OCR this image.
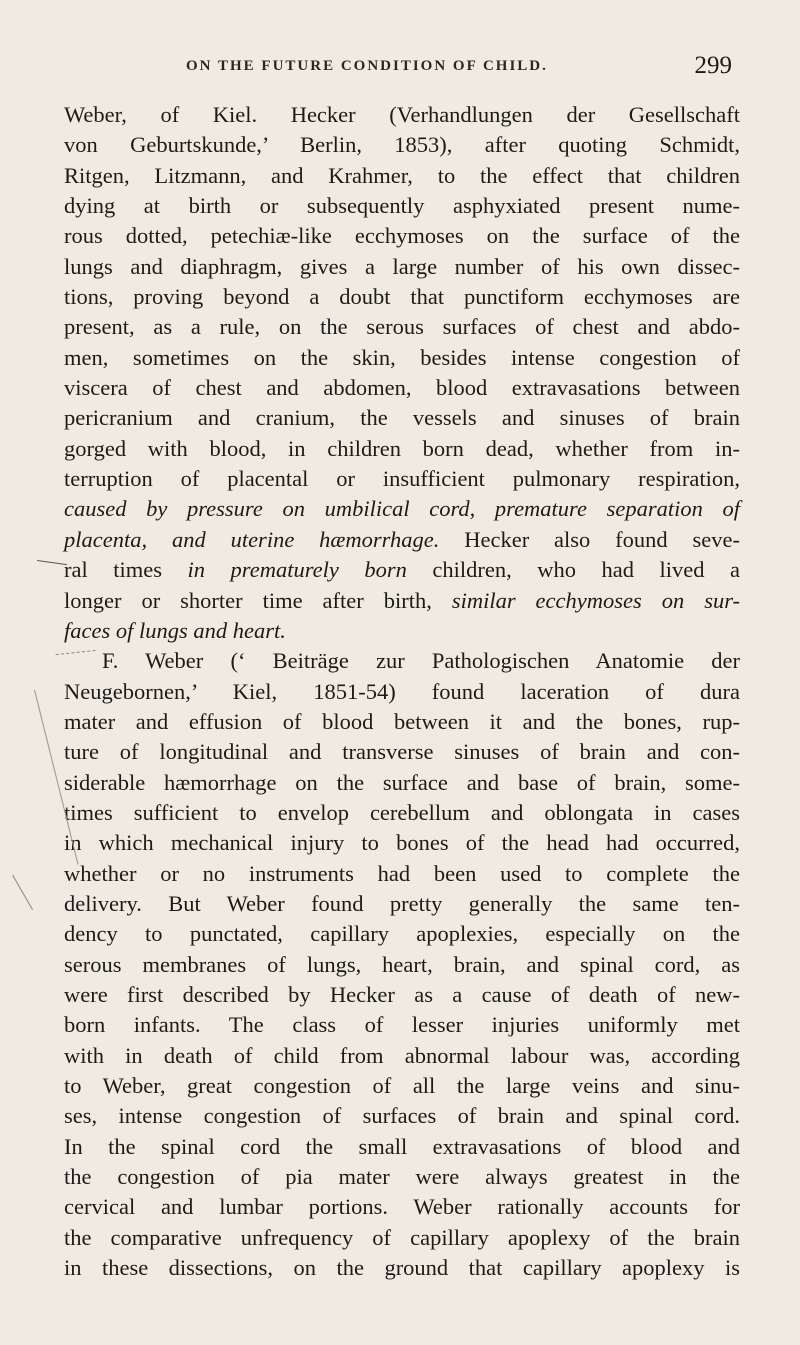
ON THE FUTURE CONDITION OF CHILD.	299
Weber, of Kiel. Hecker (Verhandlungen der Gesellschaft
von Geburtskunde,’ Berlin, 1853), after quoting Schmidt,
Ritgen, Litzmann, and Krahmer, to the effect that children
dying at birth or subsequently asphyxiated present nume-
rous dotted, petechiæ-like ecchymoses on the surface of the
lungs and diaphragm, gives a large number of his own dissec-
tions, proving beyond a doubt that punctiform ecchymoses are
present, as a rule, on the serous surfaces of chest and abdo-
men, sometimes on the skin, besides intense congestion of
viscera of chest and abdomen, blood extravasations between
pericranium and cranium, the vessels and sinuses of brain
gorged with blood, in children born dead, whether from in-
terruption of placental or insufficient pulmonary respiration,
caused by pressure on umbilical cord, premature separation of
placenta, and uterine hæmorrhage. Hecker also found seve-
ral times in prematurely born children, who had lived a
longer or shorter time after birth, similar ecchymoses on sur-
faces of lungs and heart.
F. Weber (‘ Beiträge zur Pathologischen Anatomie der
Neugebornen,’ Kiel, 1851-54) found laceration of dura
mater and effusion of blood between it and the bones, rup-
ture of longitudinal and transverse sinuses of brain and con-
siderable hæmorrhage on the surface and base of brain, some-
times sufficient to envelop cerebellum and oblongata in cases
in which mechanical injury to bones of the head had occurred,
whether or no instruments had been used to complete the
delivery. But Weber found pretty generally the same ten-
dency to punctated, capillary apoplexies, especially on the
serous membranes of lungs, heart, brain, and spinal cord, as
were first described by Hecker as a cause of death of new-
born infants. The class of lesser injuries uniformly met
with in death of child from abnormal labour was, according
to Weber, great congestion of all the large veins and sinu-
ses, intense congestion of surfaces of brain and spinal cord.
In the spinal cord the small extravasations of blood and
the congestion of pia mater were always greatest in the
cervical and lumbar portions. Weber rationally accounts for
the comparative unfrequency of capillary apoplexy of the brain
in these dissections, on the ground that capillary apoplexy is
